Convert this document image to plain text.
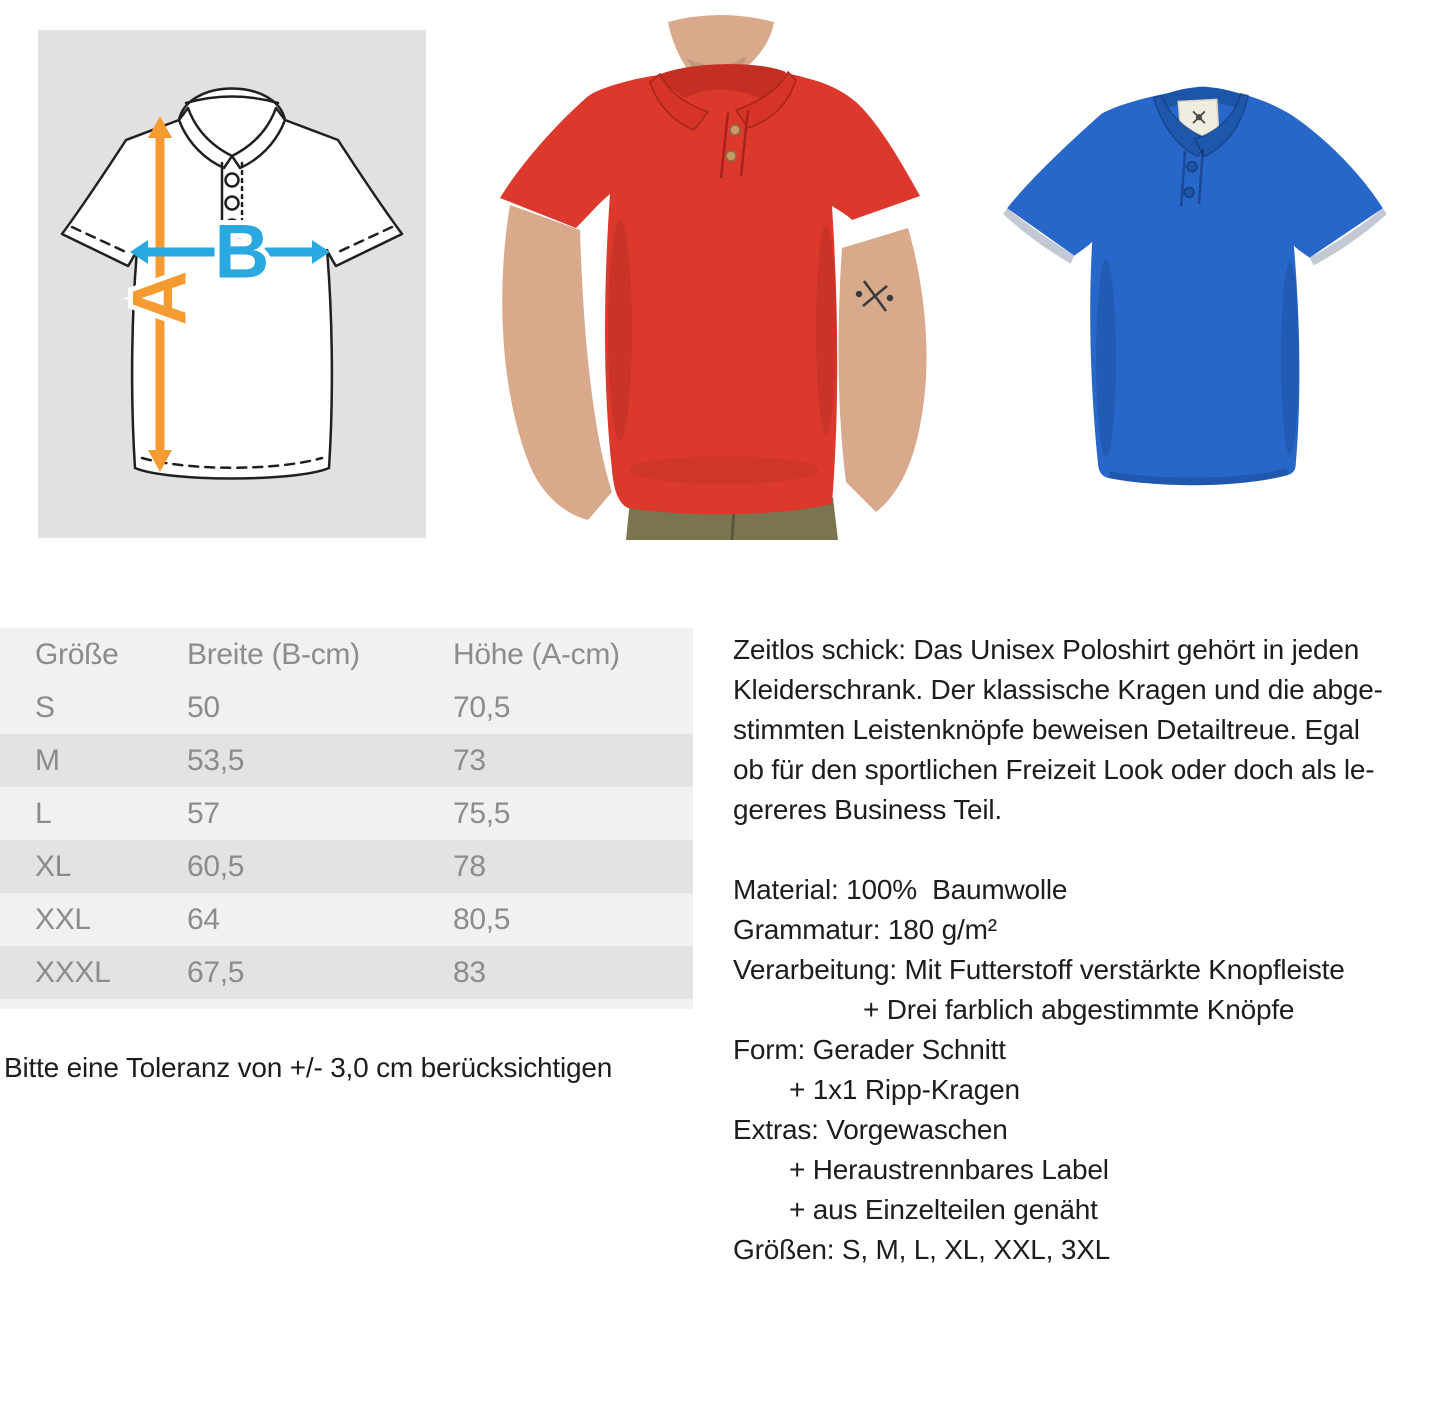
A
B
Größe	Breite (B-cm)	Höhe (A-cm)
S	50	70,5
M	53,5	73
L	57	75,5
XL	60,5	78
XXL	64	80,5
XXXL	67,5	83
Bitte eine Toleranz von +/- 3,0 cm berücksichtigen
Zeitlos schick: Das Unisex Poloshirt gehört in jeden
Kleiderschrank. Der klassische Kragen und die abge-
stimmten Leistenknöpfe beweisen Detailtreue. Egal
ob für den sportlichen Freizeit Look oder doch als le-
gereres Business Teil.
Material: 100%  Baumwolle
Grammatur: 180 g/m²
Verarbeitung: Mit Futterstoff verstärkte Knopfleiste
+ Drei farblich abgestimmte Knöpfe
Form: Gerader Schnitt
+ 1x1 Ripp-Kragen
Extras: Vorgewaschen
+ Heraustrennbares Label
+ aus Einzelteilen genäht
Größen: S, M, L, XL, XXL, 3XL
